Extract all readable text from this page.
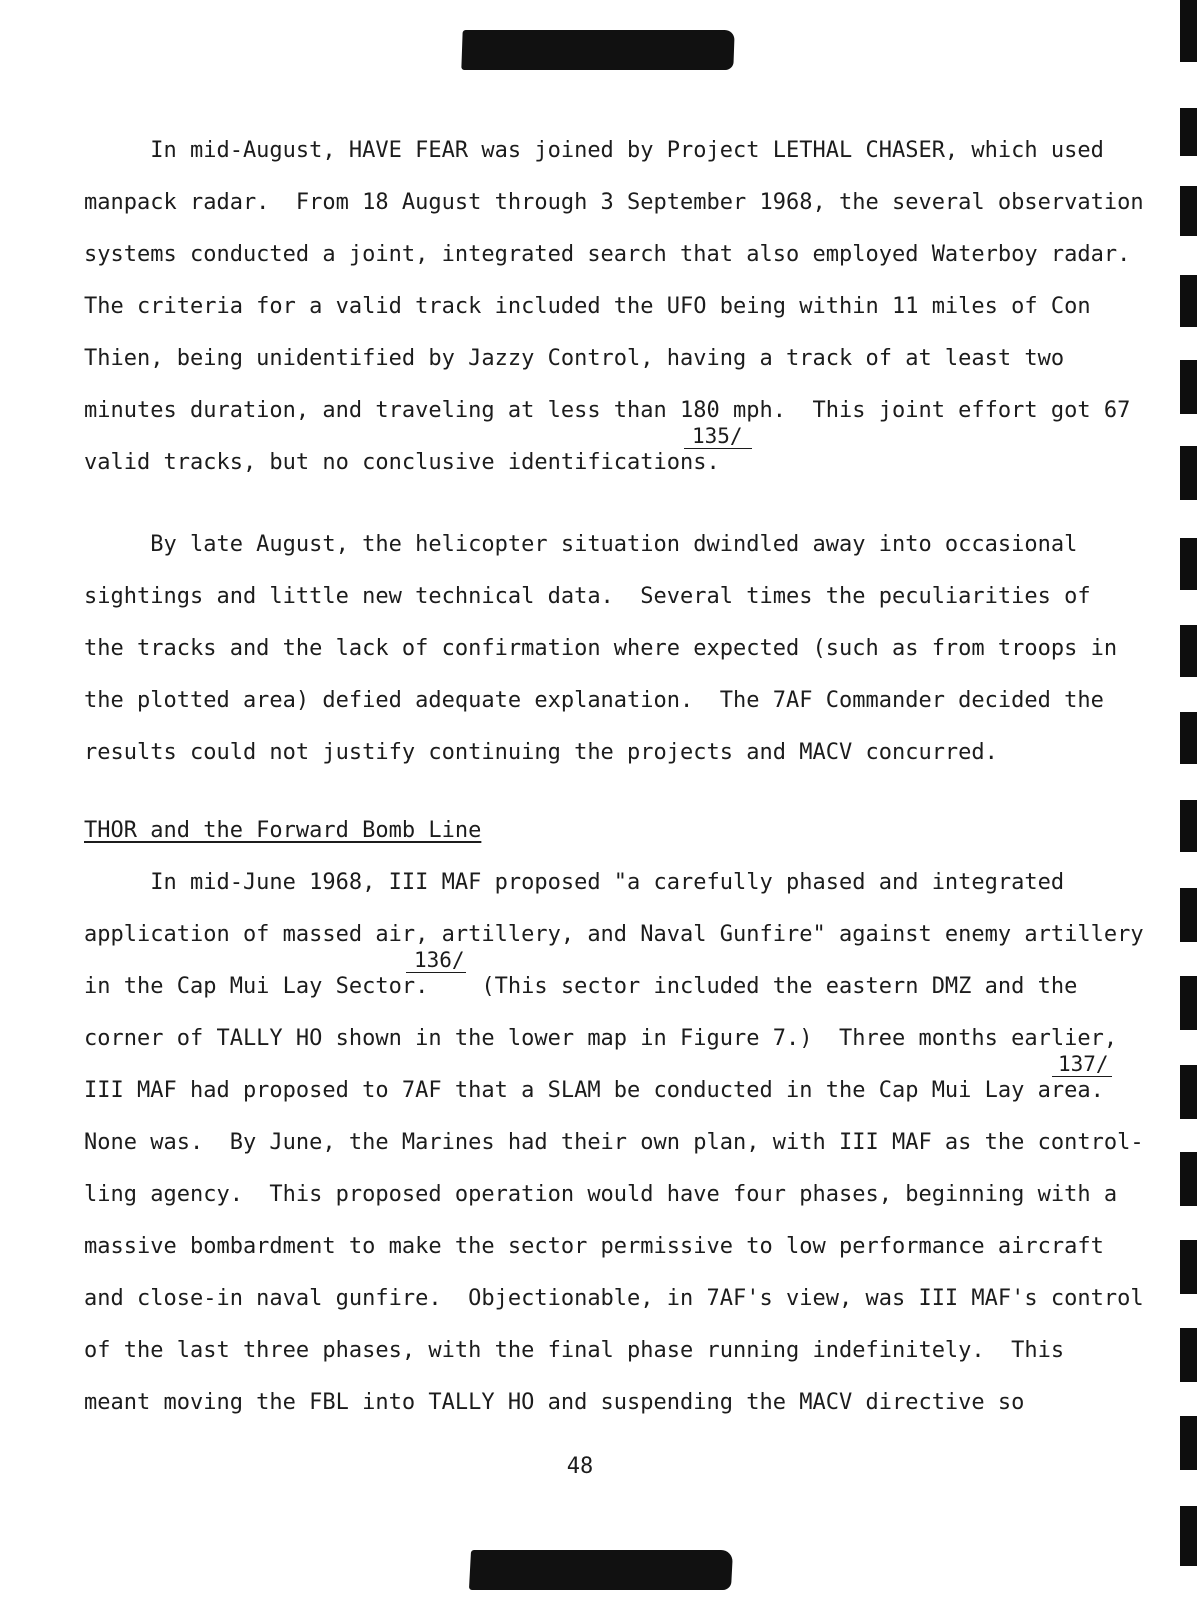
In mid-August, HAVE FEAR was joined by Project LETHAL CHASER, which used
manpack radar.  From 18 August through 3 September 1968, the several observation
systems conducted a joint, integrated search that also employed Waterboy radar.
The criteria for a valid track included the UFO being within 11 miles of Con
Thien, being unidentified by Jazzy Control, having a track of at least two
minutes duration, and traveling at less than 180 mph.  This joint effort got 67
valid tracks, but no conclusive identifications.
135/
By late August, the helicopter situation dwindled away into occasional
sightings and little new technical data.  Several times the peculiarities of
the tracks and the lack of confirmation where expected (such as from troops in
the plotted area) defied adequate explanation.  The 7AF Commander decided the
results could not justify continuing the projects and MACV concurred.
THOR and the Forward Bomb Line
In mid-June 1968, III MAF proposed "a carefully phased and integrated
application of massed air, artillery, and Naval Gunfire" against enemy artillery
in the Cap Mui Lay Sector.    (This sector included the eastern DMZ and the
136/
corner of TALLY HO shown in the lower map in Figure 7.)  Three months earlier,
III MAF had proposed to 7AF that a SLAM be conducted in the Cap Mui Lay area.
137/
None was.  By June, the Marines had their own plan, with III MAF as the control-
ling agency.  This proposed operation would have four phases, beginning with a
massive bombardment to make the sector permissive to low performance aircraft
and close-in naval gunfire.  Objectionable, in 7AF's view, was III MAF's control
of the last three phases, with the final phase running indefinitely.  This
meant moving the FBL into TALLY HO and suspending the MACV directive so
48
